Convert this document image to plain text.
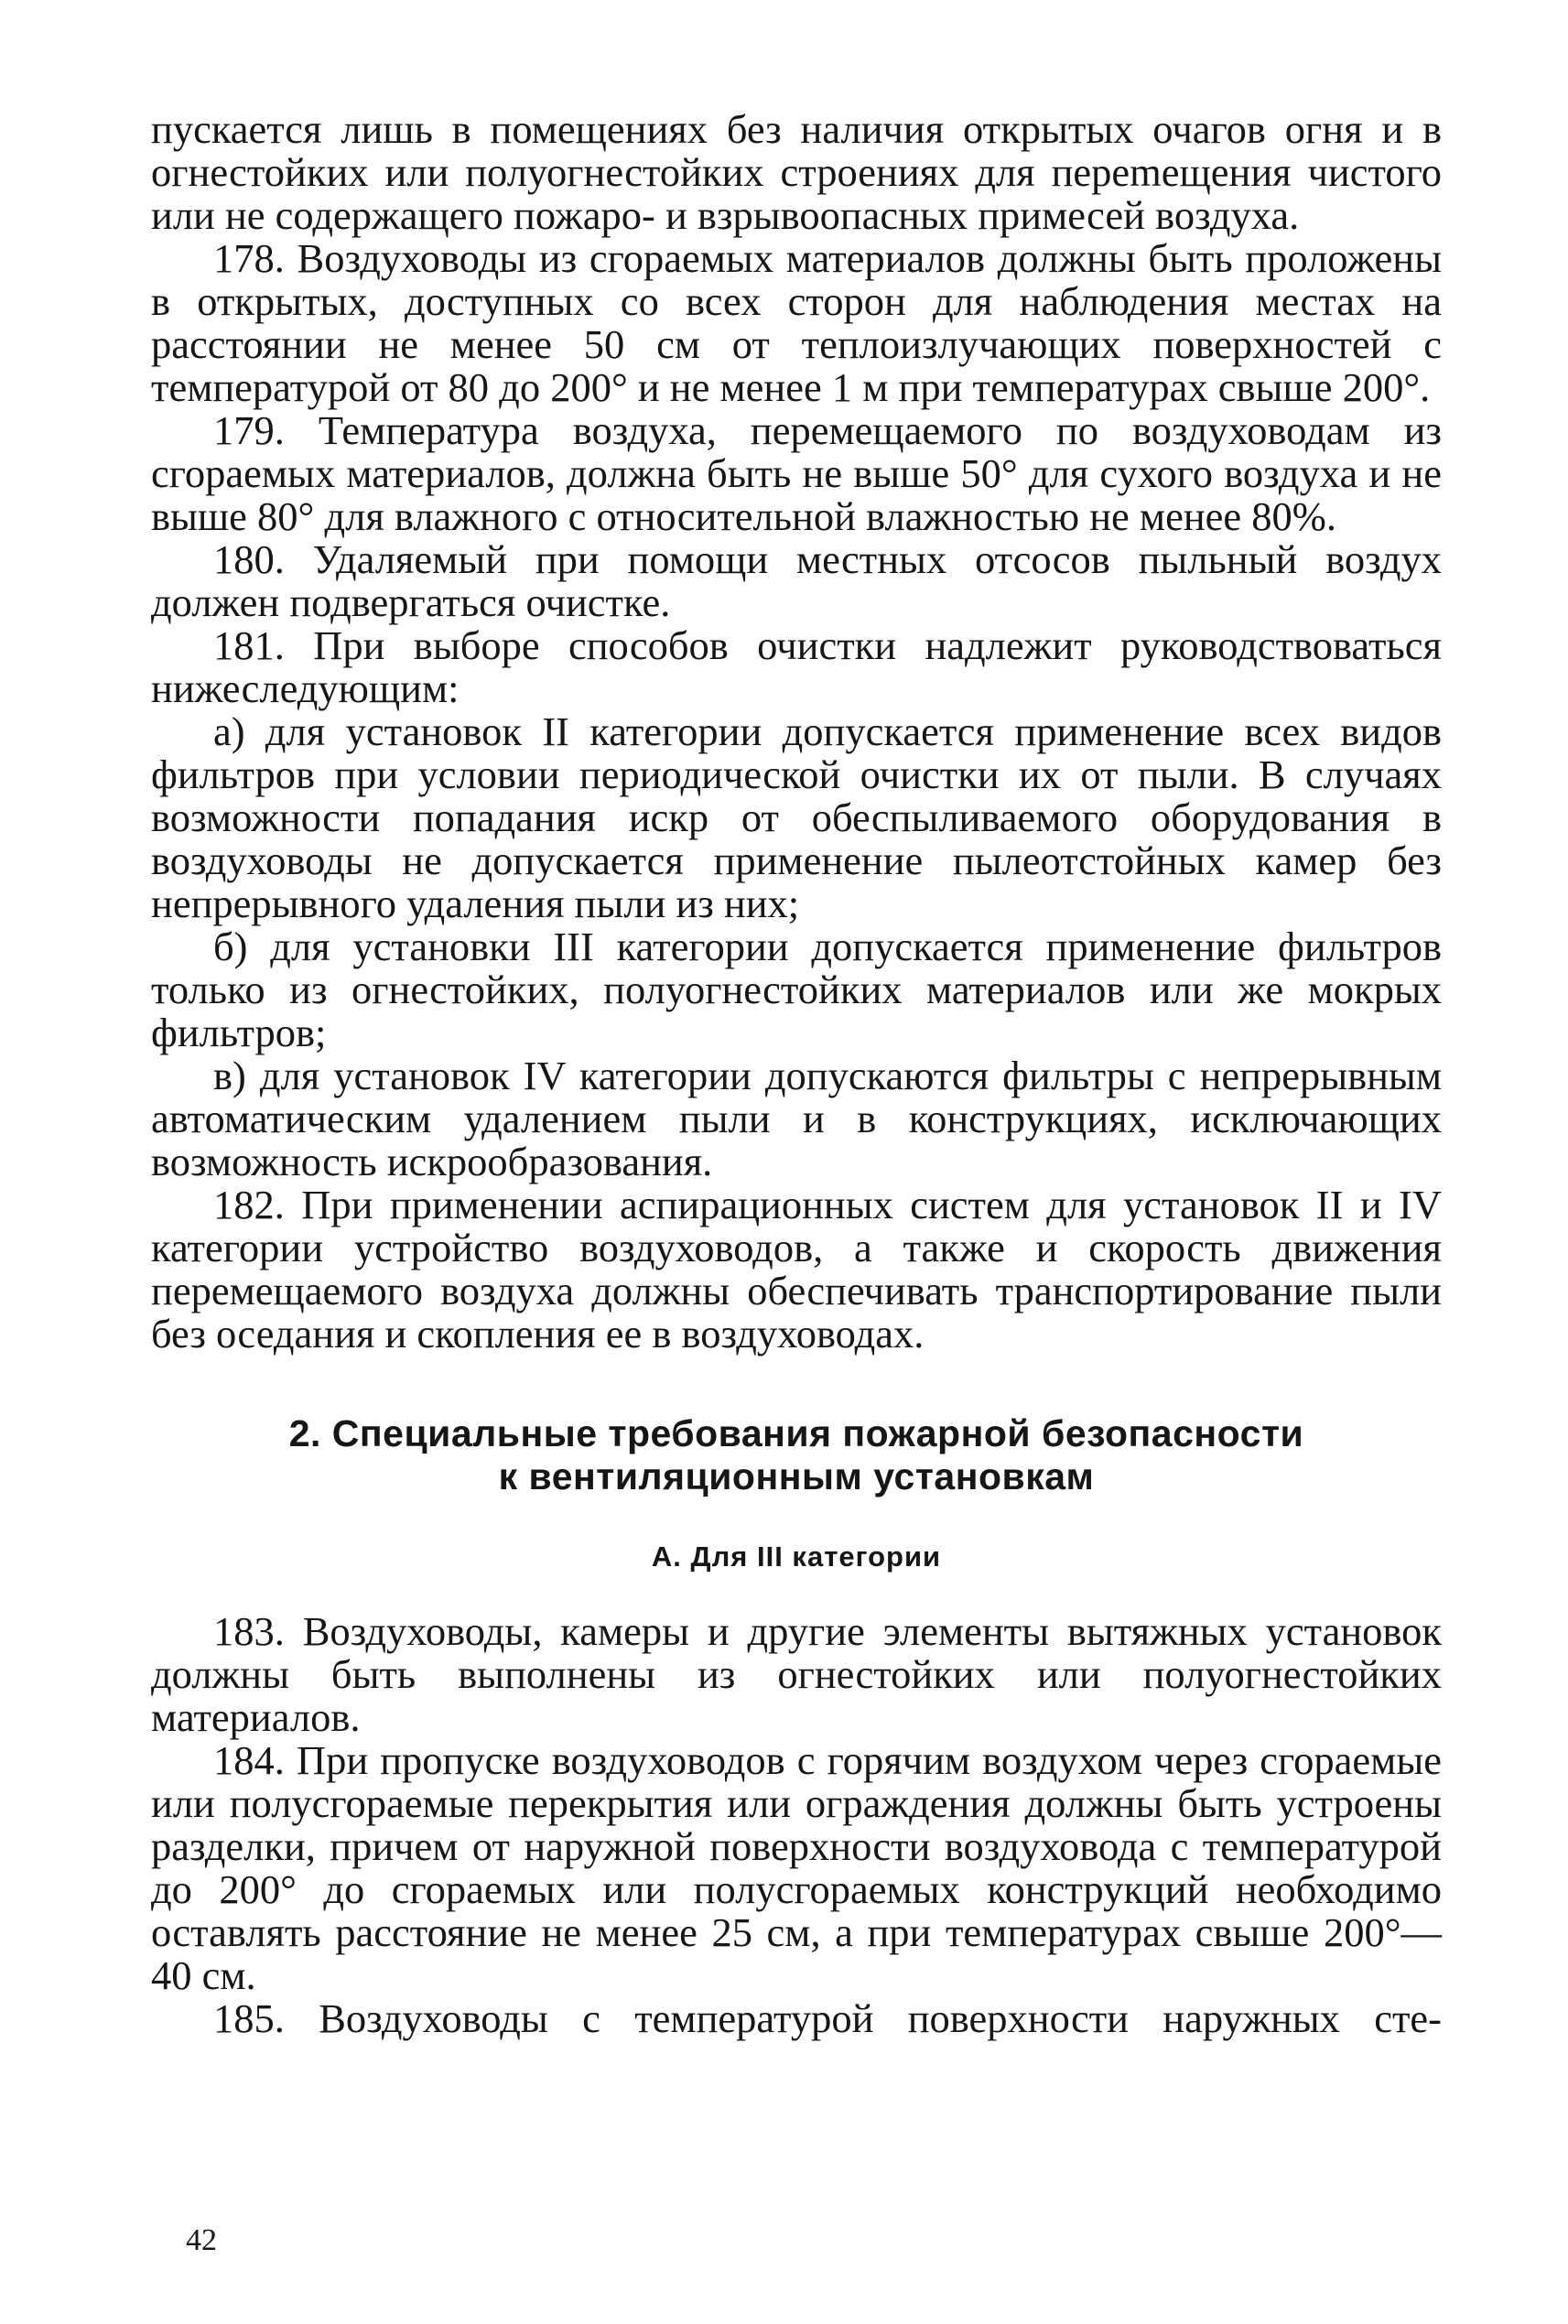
пускается лишь в помещениях без наличия открытых очагов огня и в огнестойких или полуогнестойких строениях для переmещения чистого или не содержащего пожаро- и взрывоопасных примесей воздуха.

178. Воздуховоды из сгораемых материалов должны быть проложены в открытых, доступных со всех сторон для наблюдения местах на расстоянии не менее 50 см от теплоизлучающих поверхностей с температурой от 80 до 200° и не менее 1 м при температурах свыше 200°.

179. Температура воздуха, перемещаемого по воздуховодам из сгораемых материалов, должна быть не выше 50° для сухого воздуха и не выше 80° для влажного с относительной влажностью не менее 80%.

180. Удаляемый при помощи местных отсосов пыльный воздух должен подвергаться очистке.

181. При выборе способов очистки надлежит руководствоваться нижеследующим:

а) для установок II категории допускается применение всех видов фильтров при условии периодической очистки их от пыли. В случаях возможности попадания искр от обеспыливаемого оборудования в воздуховоды не допускается применение пылеотстойных камер без непрерывного удаления пыли из них;

б) для установки III категории допускается применение фильтров только из огнестойких, полуогнестойких материалов или же мокрых фильтров;

в) для установок IV категории допускаются фильтры с непрерывным автоматическим удалением пыли и в конструкциях, исключающих возможность искрообразования.

182. При применении аспирационных систем для установок II и IV категории устройство воздуховодов, а также и скорость движения перемещаемого воздуха должны обеспечивать транспортирование пыли без оседания и скопления ее в воздуховодах.

2. Специальные требования пожарной безопасности
к вентиляционным установкам
А. Для III категории

183. Воздуховоды, камеры и другие элементы вытяжных установок должны быть выполнены из огнестойких или полуогнестойких материалов.

184. При пропуске воздуховодов с горячим воздухом через сгораемые или полусгораемые перекрытия или ограждения должны быть устроены разделки, причем от наружной поверхности воздуховода с температурой до 200° до сгораемых или полусгораемых конструкций необходимо оставлять расстояние не менее 25 см, а при температурах свыше 200°— 40 см.

185. Воздуховоды с температурой поверхности наружных сте-

42
